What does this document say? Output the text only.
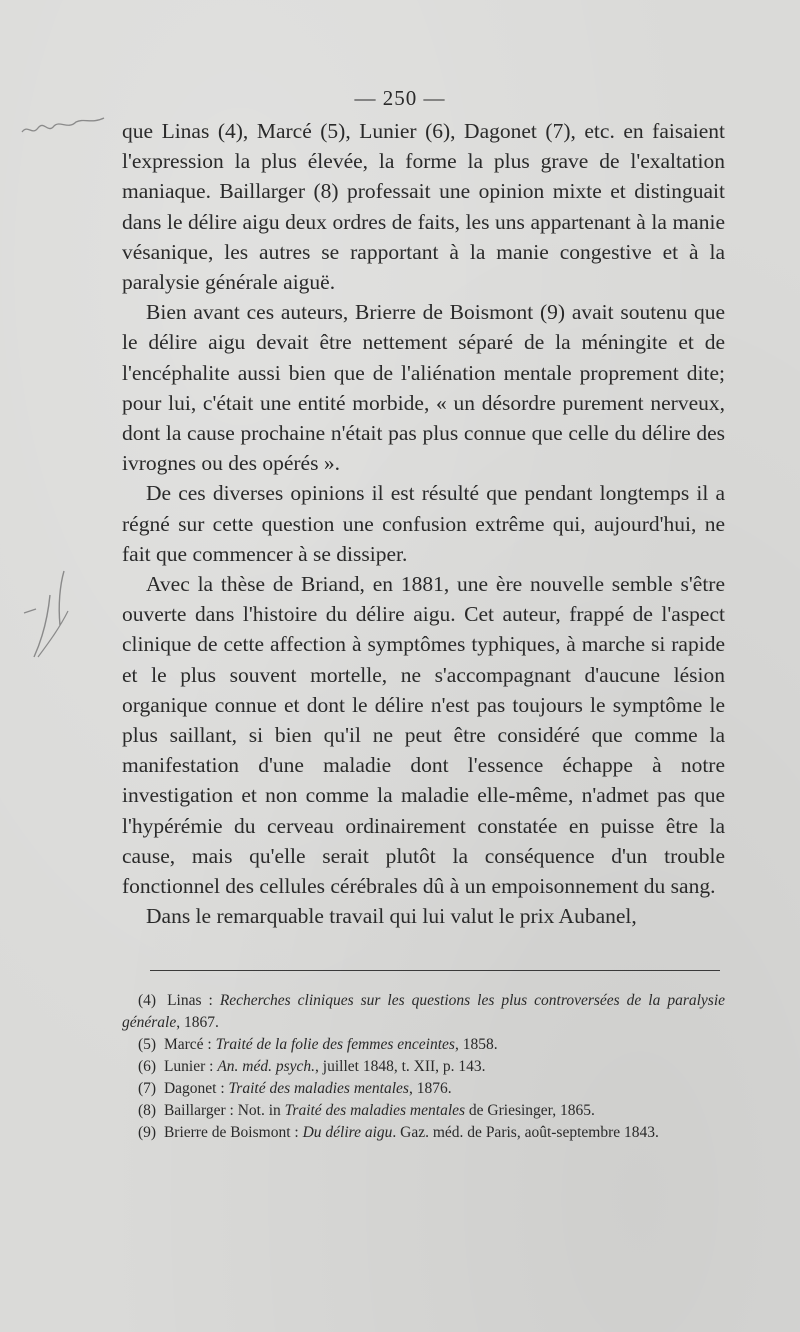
— 250 —

que Linas (4), Marcé (5), Lunier (6), Dagonet (7), etc. en faisaient l'expression la plus élevée, la forme la plus grave de l'exaltation maniaque. Baillarger (8) professait une opinion mixte et distinguait dans le délire aigu deux ordres de faits, les uns appartenant à la manie vésanique, les autres se rapportant à la manie congestive et à la paralysie générale aiguë.

Bien avant ces auteurs, Brierre de Boismont (9) avait soutenu que le délire aigu devait être nettement séparé de la méningite et de l'encéphalite aussi bien que de l'aliénation mentale proprement dite; pour lui, c'était une entité morbide, « un désordre purement nerveux, dont la cause prochaine n'était pas plus connue que celle du délire des ivrognes ou des opérés ».

De ces diverses opinions il est résulté que pendant longtemps il a régné sur cette question une confusion extrême qui, aujourd'hui, ne fait que commencer à se dissiper.

Avec la thèse de Briand, en 1881, une ère nouvelle semble s'être ouverte dans l'histoire du délire aigu. Cet auteur, frappé de l'aspect clinique de cette affection à symptômes typhiques, à marche si rapide et le plus souvent mortelle, ne s'accompagnant d'aucune lésion organique connue et dont le délire n'est pas toujours le symptôme le plus saillant, si bien qu'il ne peut être considéré que comme la manifestation d'une maladie dont l'essence échappe à notre investigation et non comme la maladie elle-même, n'admet pas que l'hypérémie du cerveau ordinairement constatée en puisse être la cause, mais qu'elle serait plutôt la conséquence d'un trouble fonctionnel des cellules cérébrales dû à un empoisonnement du sang.

Dans le remarquable travail qui lui valut le prix Aubanel,

(4) Linas : Recherches cliniques sur les questions les plus controversées de la paralysie générale, 1867.

(5) Marcé : Traité de la folie des femmes enceintes, 1858.

(6) Lunier : An. méd. psych., juillet 1848, t. XII, p. 143.

(7) Dagonet : Traité des maladies mentales, 1876.

(8) Baillarger : Not. in Traité des maladies mentales de Griesinger, 1865.

(9) Brierre de Boismont : Du délire aigu. Gaz. méd. de Paris, août-septembre 1843.
